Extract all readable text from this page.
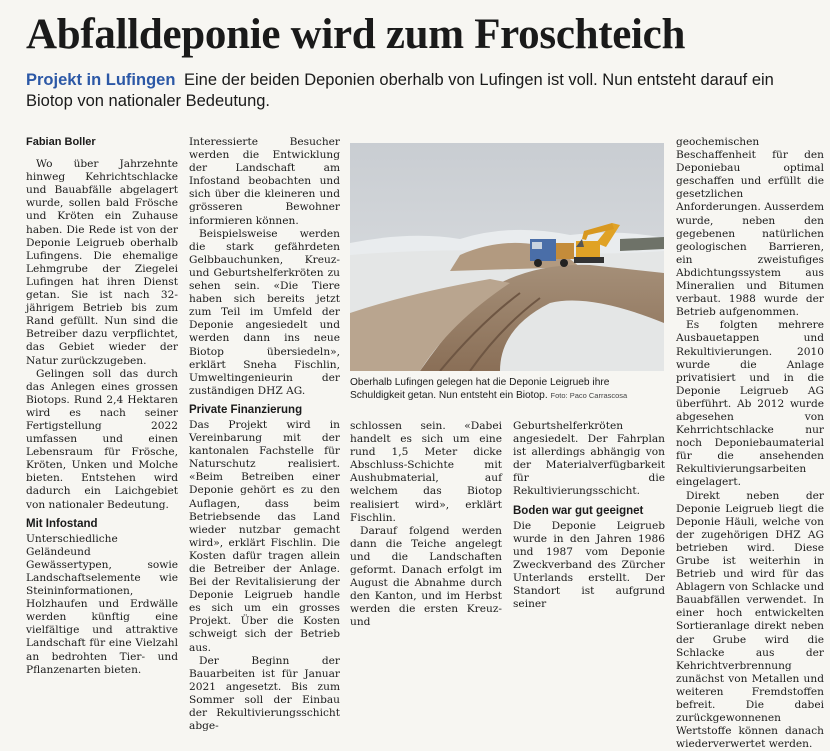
Abfalldeponie wird zum Froschteich
Projekt in Lufingen Eine der beiden Deponien oberhalb von Lufingen ist voll. Nun entsteht darauf ein Biotop von nationaler Bedeutung.
Fabian Boller

Wo über Jahrzehnte hinweg Kehrichtschlacke und Bauabfälle abgelagert wurde, sollen bald Frösche und Kröten ein Zuhause haben. Die Rede ist von der Deponie Leigrueb oberhalb Lufingens. Die ehemalige Lehmgrube der Ziegelei Lufingen hat ihren Dienst getan. Sie ist nach 32-jährigem Betrieb bis zum Rand gefüllt. Nun sind die Betreiber dazu verpflichtet, das Gebiet wieder der Natur zurückzugeben.

Gelingen soll das durch das Anlegen eines grossen Biotops. Rund 2,4 Hektaren wird es nach seiner Fertigstellung 2022 umfassen und einen Lebensraum für Frösche, Kröten, Unken und Molche bieten. Entstehen wird dadurch ein Laichgebiet von nationaler Bedeutung.

Mit Infostand

Unterschiedliche Geländeund Gewässertypen, sowie Landschaftselemente wie Steininformationen, Holzhaufen und Erdwälle werden künftig eine vielfältige und attraktive Landschaft für eine Vielzahl an bedrohten Tier- und Pflanzenarten bieten.

Interessierte Besucher werden die Entwicklung der Landschaft am Infostand beobachten und sich über die kleineren und grösseren Bewohner informieren können.

Beispielsweise werden die stark gefährdeten Gelbbauchunken, Kreuz- und Geburtshelferkröten zu sehen sein. «Die Tiere haben sich bereits jetzt zum Teil im Umfeld der Deponie angesiedelt und werden dann ins neue Biotop übersiedeln», erklärt Sneha Fischlin, Umweltingenieurin der zuständigen DHZ AG.

Private Finanzierung

Das Projekt wird in Vereinbarung mit der kantonalen Fachstelle für Naturschutz realisiert. «Beim Betreiben einer Deponie gehört es zu den Auflagen, dass beim Betriebsende das Land wieder nutzbar gemacht wird», erklärt Fischlin. Die Kosten dafür tragen allein die Betreiber der Anlage. Bei der Revitalisierung der Deponie Leigrueb handle es sich um ein grosses Projekt. Über die Kosten schweigt sich der Betrieb aus.

Der Beginn der Bauarbeiten ist für Januar 2021 angesetzt. Bis zum Sommer soll der Einbau der Rekultivierungsschicht abge-

Oberhalb Lufingen gelegen hat die Deponie Leigrueb ihre Schuldigkeit getan. Nun entsteht ein Biotop. Foto: Paco Carrascosa

schlossen sein. «Dabei handelt es sich um eine rund 1,5 Meter dicke Abschluss-Schichte mit Aushubmaterial, auf welchem das Biotop realisiert wird», erklärt Fischlin.

Darauf folgend werden dann die Teiche angelegt und die Landschaften geformt. Danach erfolgt im August die Abnahme durch den Kanton, und im Herbst werden die ersten Kreuz- und

Geburtshelferkröten angesiedelt. Der Fahrplan ist allerdings abhängig von der Materialverfügbarkeit für die Rekultivierungsschicht.

Boden war gut geeignet

Die Deponie Leigrueb wurde in den Jahren 1986 und 1987 vom Deponie Zweckverband des Zürcher Unterlands erstellt. Der Standort ist aufgrund seiner

geochemischen Beschaffenheit für den Deponiebau optimal geschaffen und erfüllt die gesetzlichen Anforderungen. Ausserdem wurde, neben den gegebenen natürlichen geologischen Barrieren, ein zweistufiges Abdichtungssystem aus Mineralien und Bitumen verbaut. 1988 wurde der Betrieb aufgenommen.

Es folgten mehrere Ausbauetappen und Rekultivierungen. 2010 wurde die Anlage privatisiert und in die Deponie Leigrueb AG überführt. Ab 2012 wurde abgesehen von Kehrrichtschlacke nur noch Deponiebaumaterial für die ansehenden Rekultivierungsarbeiten eingelagert.

Direkt neben der Deponie Leigrueb liegt die Deponie Häuli, welche von der zugehörigen DHZ AG betrieben wird. Diese Grube ist weiterhin in Betrieb und wird für das Ablagern von Schlacke und Bauabfällen verwendet. In einer hoch entwickelten Sortieranlage direkt neben der Grube wird die Schlacke aus der Kehrichtverbrennung zunächst von Metallen und weiteren Fremdstoffen befreit. Die dabei zurückgewonnenen Wertstoffe können danach wiederverwertet werden.
